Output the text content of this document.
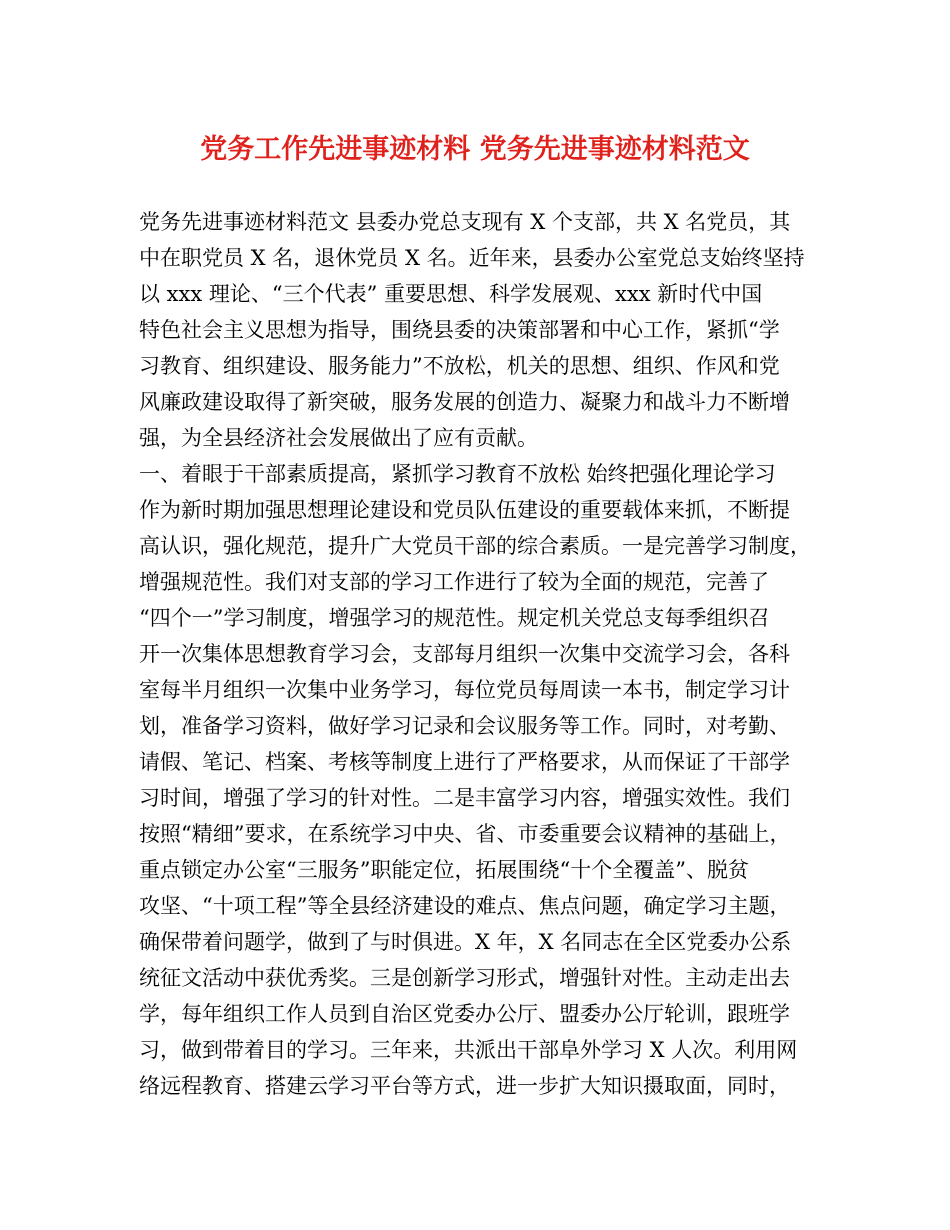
党务工作先进事迹材料 党务先进事迹材料范文
党务先进事迹材料范文 县委办党总支现有 X 个支部，共 X 名党员，其
中在职党员 X 名，退休党员 X 名。近年来，县委办公室党总支始终坚持
以 xxx 理论、“三个代表” 重要思想、科学发展观、xxx 新时代中国
特色社会主义思想为指导，围绕县委的决策部署和中心工作，紧抓“学
习教育、组织建设、服务能力”不放松，机关的思想、组织、作风和党
风廉政建设取得了新突破，服务发展的创造力、凝聚力和战斗力不断增
强，为全县经济社会发展做出了应有贡献。
一、着眼于干部素质提高，紧抓学习教育不放松 始终把强化理论学习
作为新时期加强思想理论建设和党员队伍建设的重要载体来抓，不断提
高认识，强化规范，提升广大党员干部的综合素质。一是完善学习制度，
增强规范性。我们对支部的学习工作进行了较为全面的规范，完善了
“四个一”学习制度，增强学习的规范性。规定机关党总支每季组织召
开一次集体思想教育学习会，支部每月组织一次集中交流学习会，各科
室每半月组织一次集中业务学习，每位党员每周读一本书，制定学习计
划，准备学习资料，做好学习记录和会议服务等工作。同时，对考勤、
请假、笔记、档案、考核等制度上进行了严格要求，从而保证了干部学
习时间，增强了学习的针对性。二是丰富学习内容，增强实效性。我们
按照“精细”要求，在系统学习中央、省、市委重要会议精神的基础上，
重点锁定办公室“三服务”职能定位，拓展围绕“十个全覆盖”、脱贫
攻坚、“十项工程”等全县经济建设的难点、焦点问题，确定学习主题，
确保带着问题学，做到了与时俱进。X 年，X 名同志在全区党委办公系
统征文活动中获优秀奖。三是创新学习形式，增强针对性。主动走出去
学，每年组织工作人员到自治区党委办公厅、盟委办公厅轮训，跟班学
习，做到带着目的学习。三年来，共派出干部阜外学习 X 人次。利用网
络远程教育、搭建云学习平台等方式，进一步扩大知识摄取面，同时，
